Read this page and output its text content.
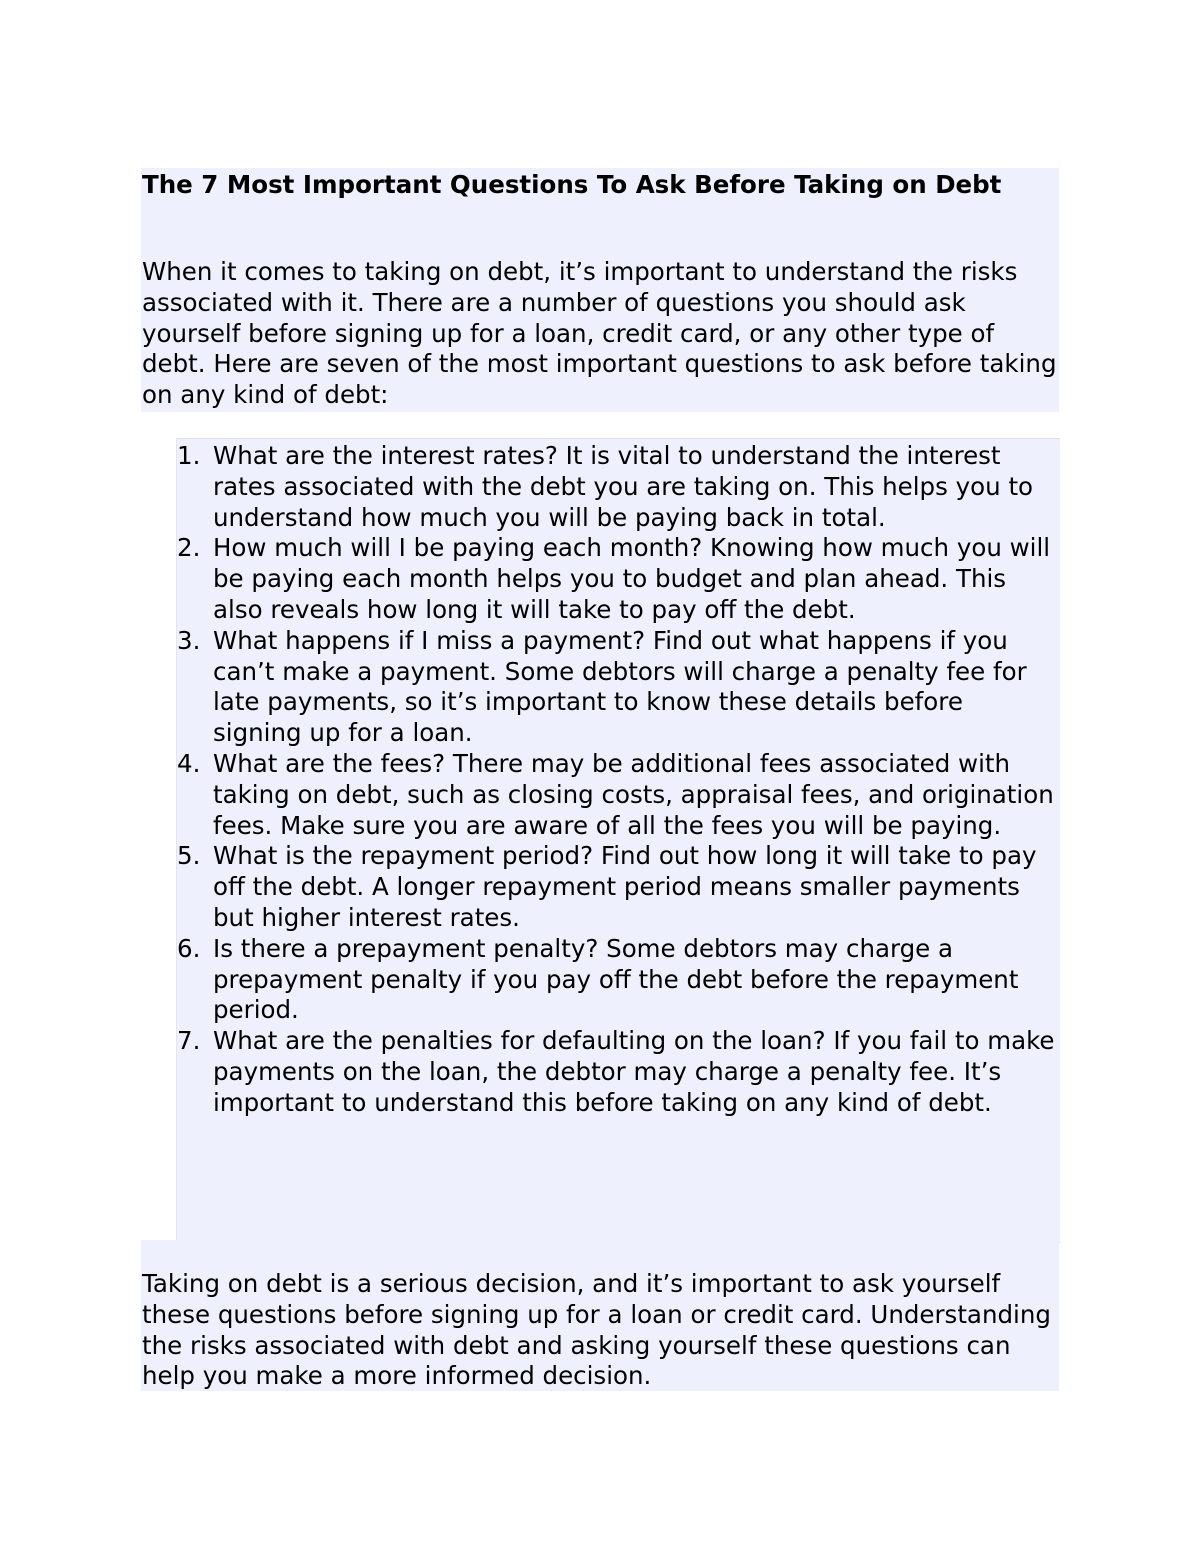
The 7 Most Important Questions To Ask Before Taking on Debt

When it comes to taking on debt, it’s important to understand the risks associated with it. There are a number of questions you should ask yourself before signing up for a loan, credit card, or any other type of debt. Here are seven of the most important questions to ask before taking on any kind of debt:

1. What are the interest rates? It is vital to understand the interest rates associated with the debt you are taking on. This helps you to understand how much you will be paying back in total.
2. How much will I be paying each month? Knowing how much you will be paying each month helps you to budget and plan ahead. This also reveals how long it will take to pay off the debt.
3. What happens if I miss a payment? Find out what happens if you can’t make a payment. Some debtors will charge a penalty fee for late payments, so it’s important to know these details before signing up for a loan.
4. What are the fees? There may be additional fees associated with taking on debt, such as closing costs, appraisal fees, and origination fees. Make sure you are aware of all the fees you will be paying.
5. What is the repayment period? Find out how long it will take to pay off the debt. A longer repayment period means smaller payments but higher interest rates.
6. Is there a prepayment penalty? Some debtors may charge a prepayment penalty if you pay off the debt before the repayment period.
7. What are the penalties for defaulting on the loan? If you fail to make payments on the loan, the debtor may charge a penalty fee. It’s important to understand this before taking on any kind of debt.

Taking on debt is a serious decision, and it’s important to ask yourself these questions before signing up for a loan or credit card. Understanding the risks associated with debt and asking yourself these questions can help you make a more informed decision.
